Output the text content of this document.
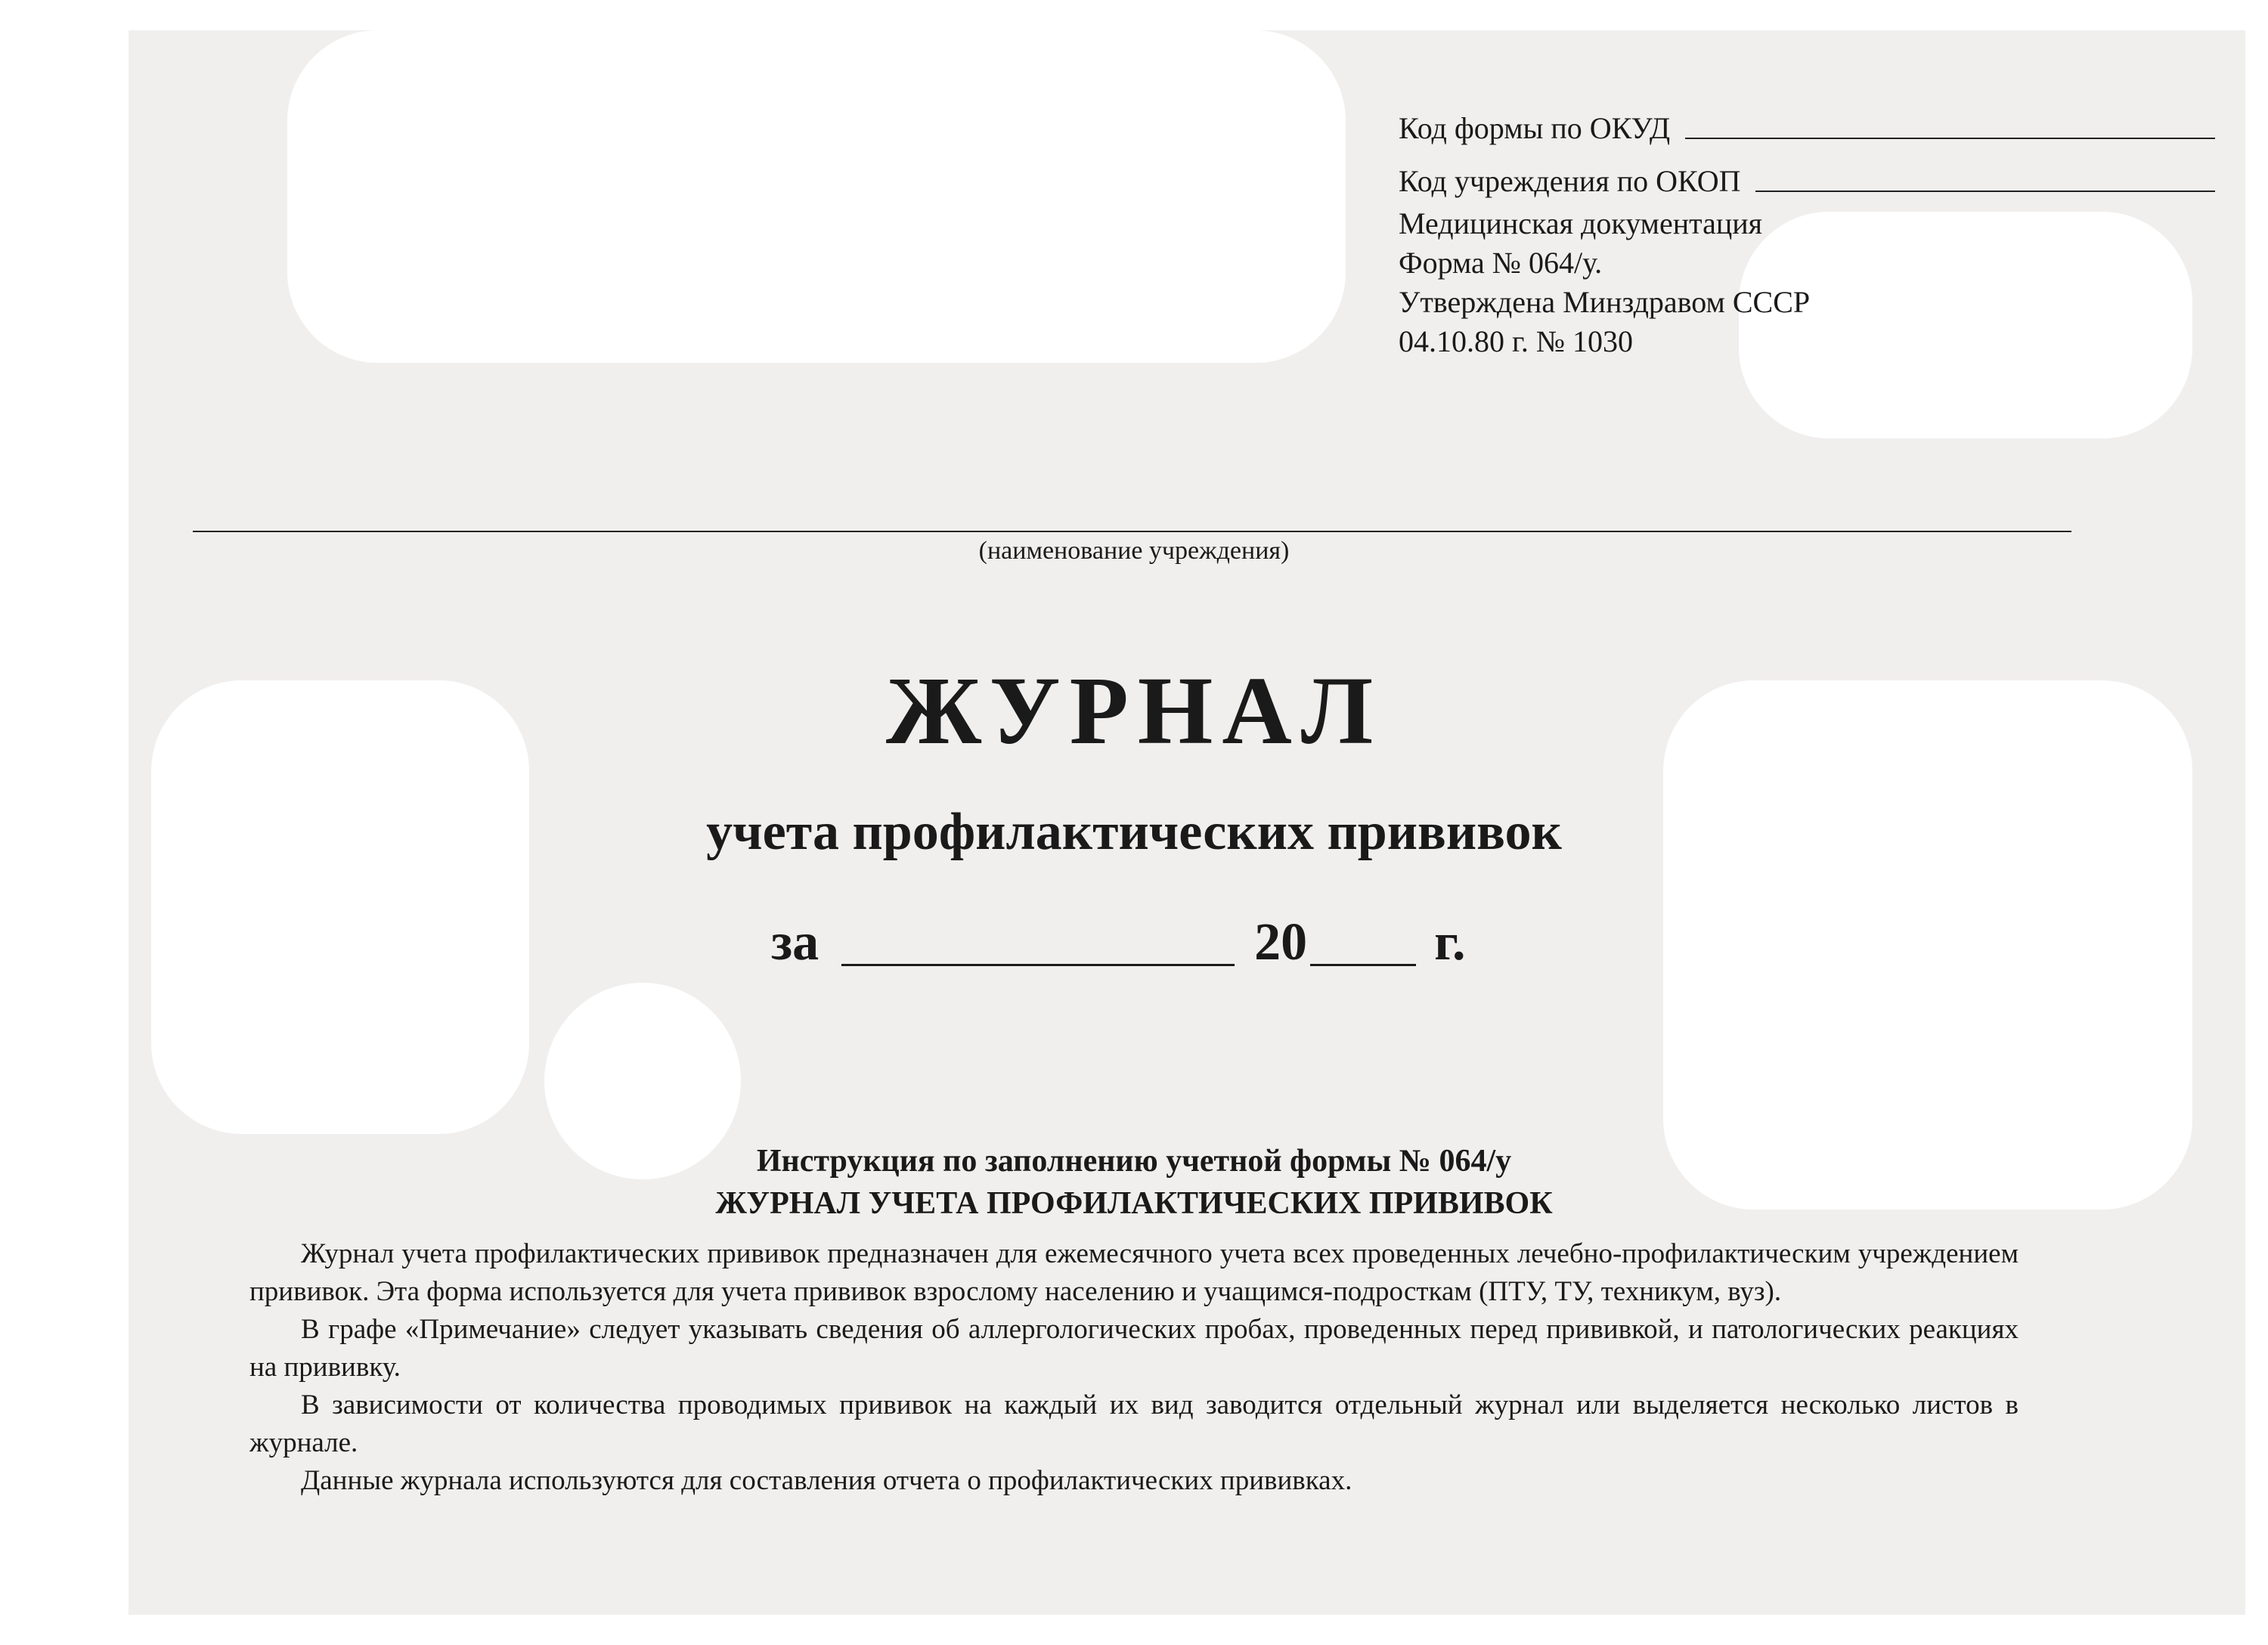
Код формы по ОКУД
Код учреждения по ОКОП
Медицинская документация
Форма № 064/у.
Утверждена Минздравом СССР
04.10.80 г. № 1030
(наименование учреждения)
ЖУРНАЛ
учета профилактических прививок
за	20 г.
Инструкция по заполнению учетной формы № 064/у
ЖУРНАЛ УЧЕТА ПРОФИЛАКТИЧЕСКИХ ПРИВИВОК

Журнал учета профилактических прививок предназначен для ежемесячного учета всех проведенных лечебно-профилактическим учреждением прививок. Эта форма используется для учета прививок взрослому населению и учащимся-подросткам (ПТУ, ТУ, техникум, вуз).

В графе «Примечание» следует указывать сведения об аллергологических пробах, проведенных перед прививкой, и патологических реакциях на прививку.

В зависимости от количества проводимых прививок на каждый их вид заводится отдельный журнал или выделяется несколько листов в журнале.

Данные журнала используются для составления отчета о профилактических прививках.
